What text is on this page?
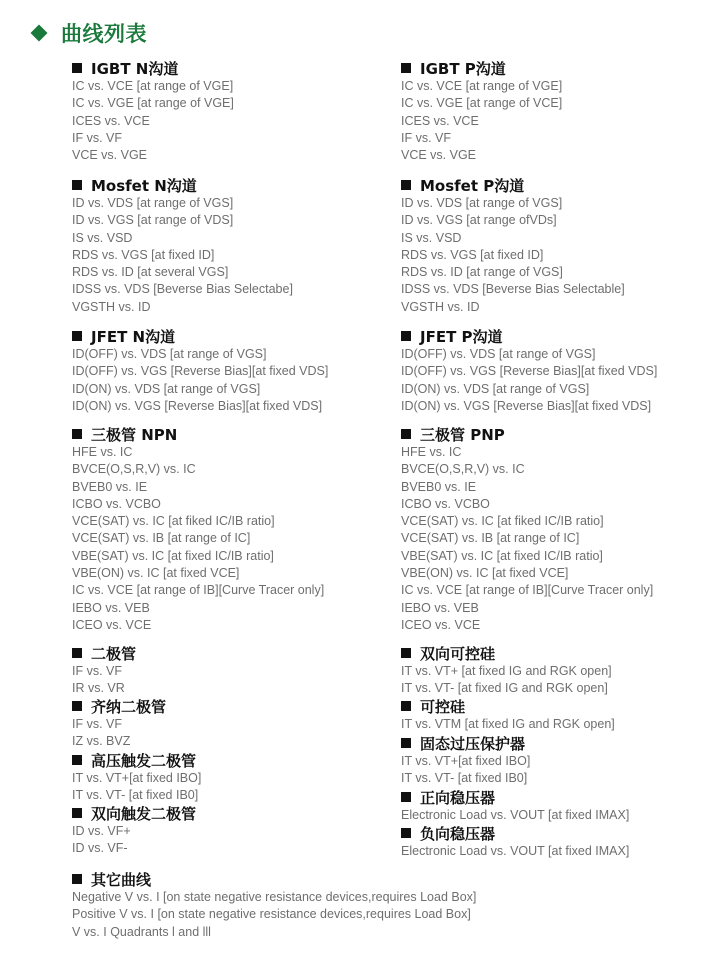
曲线列表
IGBT N沟道
IC vs. VCE [at range of VGE]
IC vs. VGE [at range of VGE]
ICES vs. VCE
IF vs. VF
VCE vs. VGE
Mosfet N沟道
ID vs. VDS [at range of VGS]
ID vs. VGS [at range of VDS]
IS vs. VSD
RDS vs. VGS [at fixed ID]
RDS vs. ID [at several VGS]
IDSS vs. VDS [Beverse Bias Selectabe]
VGSTH vs. ID
JFET N沟道
ID(OFF) vs. VDS [at range of VGS]
ID(OFF) vs. VGS [Reverse Bias][at fixed VDS]
ID(ON) vs. VDS [at range of VGS]
ID(ON) vs. VGS [Reverse Bias][at fixed VDS]
三极管 NPN
HFE vs. IC
BVCE(O,S,R,V) vs. IC
BVEB0 vs. IE
ICBO vs. VCBO
VCE(SAT) vs. IC [at fiked IC/IB ratio]
VCE(SAT) vs. IB [at range of IC]
VBE(SAT) vs. IC [at fixed IC/IB ratio]
VBE(ON) vs. IC [at fixed VCE]
IC vs. VCE [at range of IB][Curve Tracer only]
IEBO vs. VEB
ICEO vs. VCE
二极管
IF vs. VF
IR vs. VR
齐纳二极管
IF vs. VF
IZ vs. BVZ
高压触发二极管
IT vs. VT+[at fixed IBO]
IT vs. VT- [at fixed IB0]
双向触发二极管
ID vs. VF+
ID vs. VF-
其它曲线
Negative V vs. I [on state negative resistance devices,requires Load Box]
Positive V vs. I [on state negative resistance devices,requires Load Box]
V vs. I Quadrants l and lll
IGBT P沟道
IC vs. VCE [at range of VGE]
IC vs. VGE [at range of VCE]
ICES vs. VCE
IF vs. VF
VCE vs. VGE
Mosfet P沟道
ID vs. VDS [at range of VGS]
ID vs. VGS [at range ofVDs]
IS vs. VSD
RDS vs. VGS [at fixed ID]
RDS vs. ID [at range of VGS]
IDSS vs. VDS [Beverse Bias Selectable]
VGSTH vs. ID
JFET P沟道
ID(OFF) vs. VDS [at range of VGS]
ID(OFF) vs. VGS [Reverse Bias][at fixed VDS]
ID(ON) vs. VDS [at range of VGS]
ID(ON) vs. VGS [Reverse Bias][at fixed VDS]
三极管 PNP
HFE vs. IC
BVCE(O,S,R,V) vs. IC
BVEB0 vs. IE
ICBO vs. VCBO
VCE(SAT) vs. IC [at fiked IC/IB ratio]
VCE(SAT) vs. IB [at range of IC]
VBE(SAT) vs. IC [at fixed IC/IB ratio]
VBE(ON) vs. IC [at fixed VCE]
IC vs. VCE [at range of IB][Curve Tracer only]
IEBO vs. VEB
ICEO vs. VCE
双向可控硅
IT vs. VT+ [at fixed IG and RGK open]
IT vs. VT- [at fixed IG and RGK open]
可控硅
IT vs. VTM [at fixed IG and RGK open]
固态过压保护器
IT vs. VT+[at fixed IBO]
IT vs. VT- [at fixed IB0]
正向稳压器
Electronic Load vs. VOUT [at fixed IMAX]
负向稳压器
Electronic Load vs. VOUT [at fixed IMAX]
